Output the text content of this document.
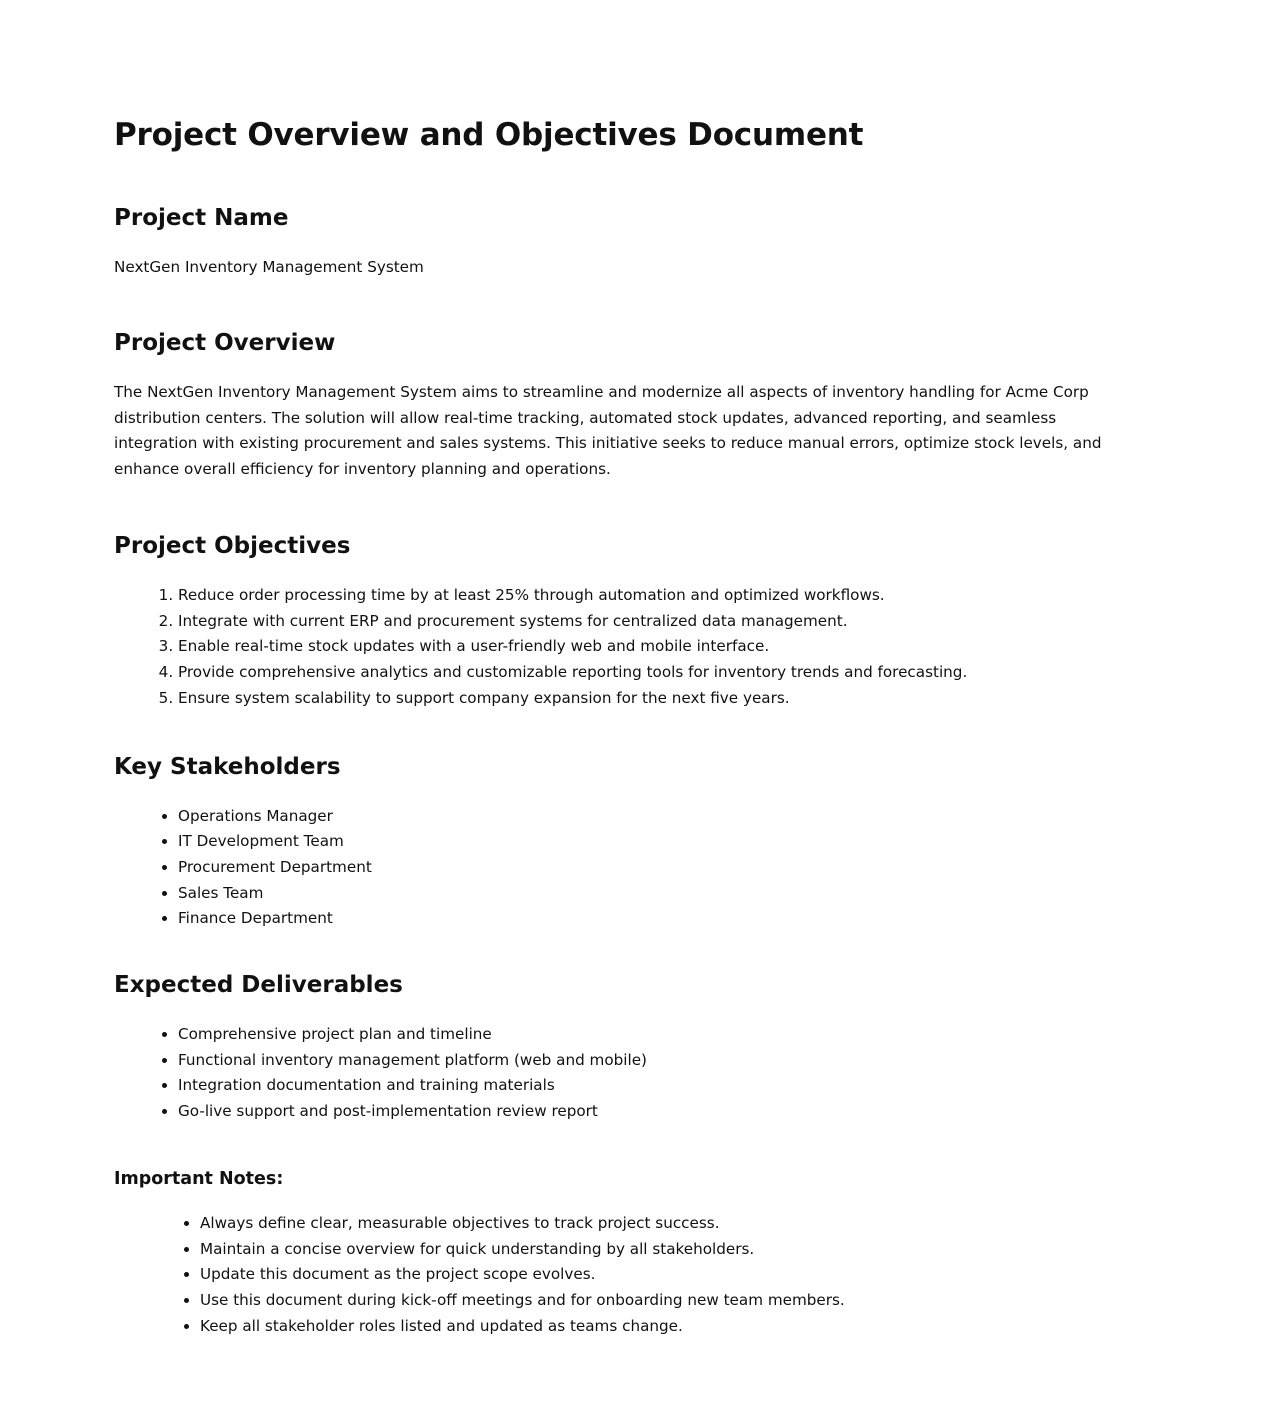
Project Overview and Objectives Document
Project Name

NextGen Inventory Management System

Project Overview

The NextGen Inventory Management System aims to streamline and modernize all aspects of inventory handling for Acme Corp distribution centers. The solution will allow real-time tracking, automated stock updates, advanced reporting, and seamless integration with existing procurement and sales systems. This initiative seeks to reduce manual errors, optimize stock levels, and enhance overall efficiency for inventory planning and operations.

Project Objectives
1. Reduce order processing time by at least 25% through automation and optimized workflows.
2. Integrate with current ERP and procurement systems for centralized data management.
3. Enable real-time stock updates with a user-friendly web and mobile interface.
4. Provide comprehensive analytics and customizable reporting tools for inventory trends and forecasting.
5. Ensure system scalability to support company expansion for the next five years.
Key Stakeholders
• Operations Manager
• IT Development Team
• Procurement Department
• Sales Team
• Finance Department
Expected Deliverables
• Comprehensive project plan and timeline
• Functional inventory management platform (web and mobile)
• Integration documentation and training materials
• Go-live support and post-implementation review report
Important Notes:
• Always define clear, measurable objectives to track project success.
• Maintain a concise overview for quick understanding by all stakeholders.
• Update this document as the project scope evolves.
• Use this document during kick-off meetings and for onboarding new team members.
• Keep all stakeholder roles listed and updated as teams change.
